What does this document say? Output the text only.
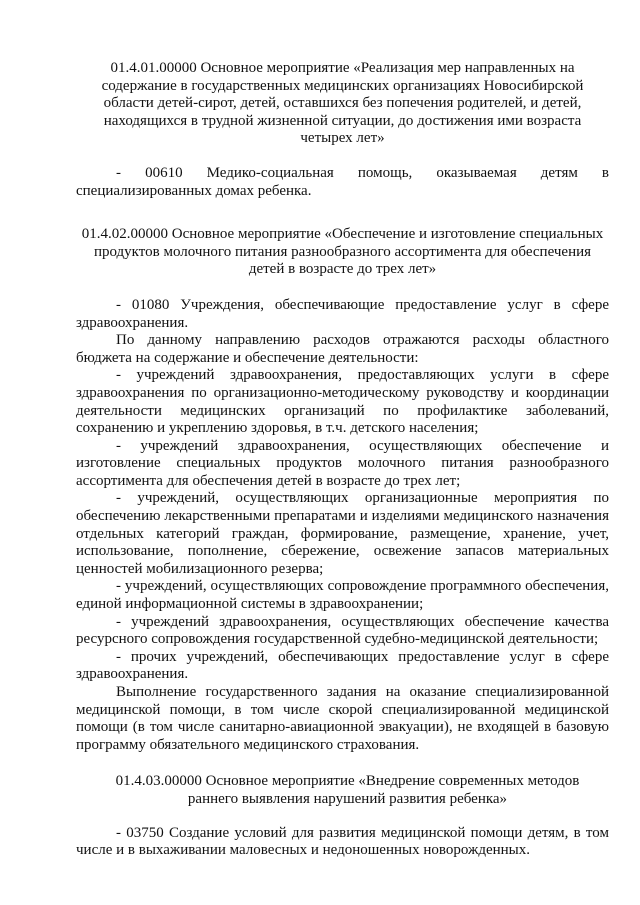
01.4.01.00000 Основное мероприятие «Реализация мер направленных на содержание в государственных медицинских организациях Новосибирской области детей-сирот, детей, оставшихся без попечения родителей, и детей, находящихся в трудной жизненной ситуации, до достижения ими возраста четырех лет»

- 00610 Медико-социальная помощь, оказываемая детям в специализированных домах ребенка.

01.4.02.00000 Основное мероприятие «Обеспечение и изготовление специальных продуктов молочного питания разнообразного ассортимента для обеспечения детей в возрасте до трех лет»

- 01080 Учреждения, обеспечивающие предоставление услуг в сфере здравоохранения.

По данному направлению расходов отражаются расходы областного бюджета на содержание и обеспечение деятельности:

- учреждений здравоохранения, предоставляющих услуги в сфере здравоохранения по организационно-методическому руководству и координации деятельности медицинских организаций по профилактике заболеваний, сохранению и укреплению здоровья, в т.ч. детского населения;

- учреждений здравоохранения, осуществляющих обеспечение и изготовление специальных продуктов молочного питания разнообразного ассортимента для обеспечения детей в возрасте до трех лет;

- учреждений, осуществляющих организационные мероприятия по обеспечению лекарственными препаратами и изделиями медицинского назначения отдельных категорий граждан, формирование, размещение, хранение, учет, использование, пополнение, сбережение, освежение запасов материальных ценностей мобилизационного резерва;

- учреждений, осуществляющих сопровождение программного обеспечения, единой информационной системы в здравоохранении;

- учреждений здравоохранения, осуществляющих обеспечение качества ресурсного сопровождения государственной судебно-медицинской деятельности;

- прочих учреждений, обеспечивающих предоставление услуг в сфере здравоохранения.

Выполнение государственного задания на оказание специализированной медицинской помощи, в том числе скорой специализированной медицинской помощи (в том числе санитарно-авиационной эвакуации), не входящей в базовую программу обязательного медицинского страхования.

01.4.03.00000 Основное мероприятие «Внедрение современных методов раннего выявления нарушений развития ребенка»

- 03750 Создание условий для развития медицинской помощи детям, в том числе и в выхаживании маловесных и недоношенных новорожденных.
